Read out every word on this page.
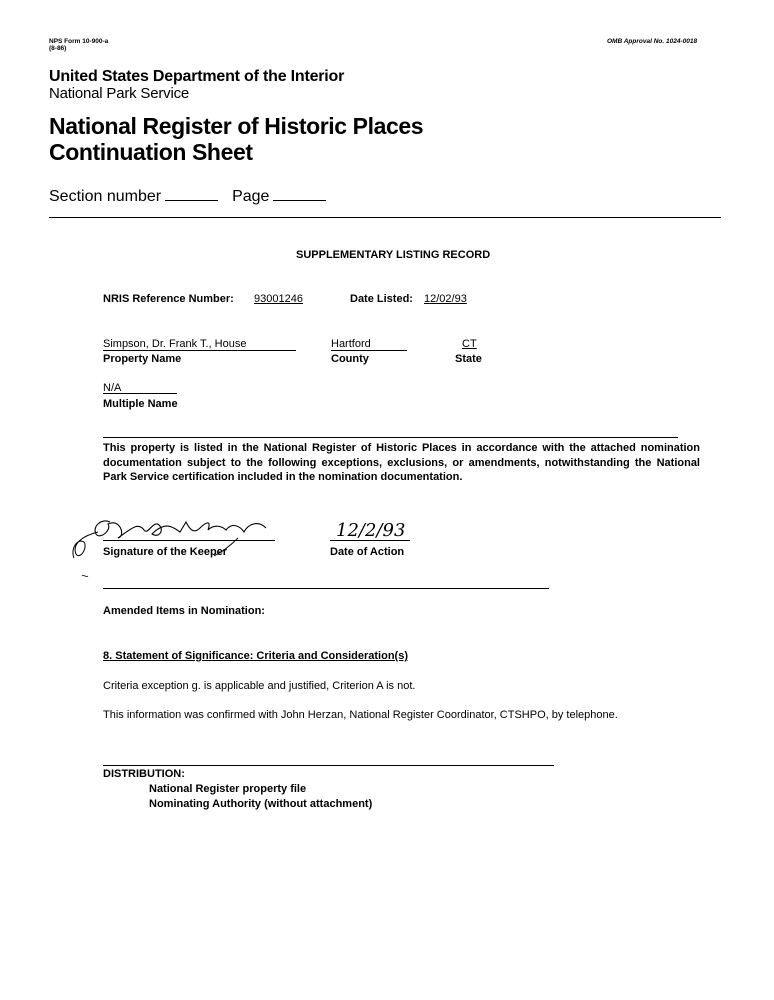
NPS Form 10-900-a
(8-86)
OMB Approval No. 1024-0018
United States Department of the Interior
National Park Service
National Register of Historic Places
Continuation Sheet
Section number	Page
SUPPLEMENTARY LISTING RECORD
NRIS Reference Number: 93001246	Date Listed: 12/02/93
Simpson, Dr. Frank T., House
Property Name
Hartford
County
CT
State
N/A
Multiple Name
This property is listed in the National Register of Historic Places in accordance with the attached nomination documentation subject to the following exceptions, exclusions, or amendments, notwithstanding the National Park Service certification included in the nomination documentation.
Signature of the Keeper
12/2/93
Date of Action
Amended Items in Nomination:
8. Statement of Significance: Criteria and Consideration(s)
Criteria exception g. is applicable and justified, Criterion A is not.
This information was confirmed with John Herzan, National Register Coordinator, CTSHPO, by telephone.
DISTRIBUTION:
National Register property file
Nominating Authority (without attachment)
